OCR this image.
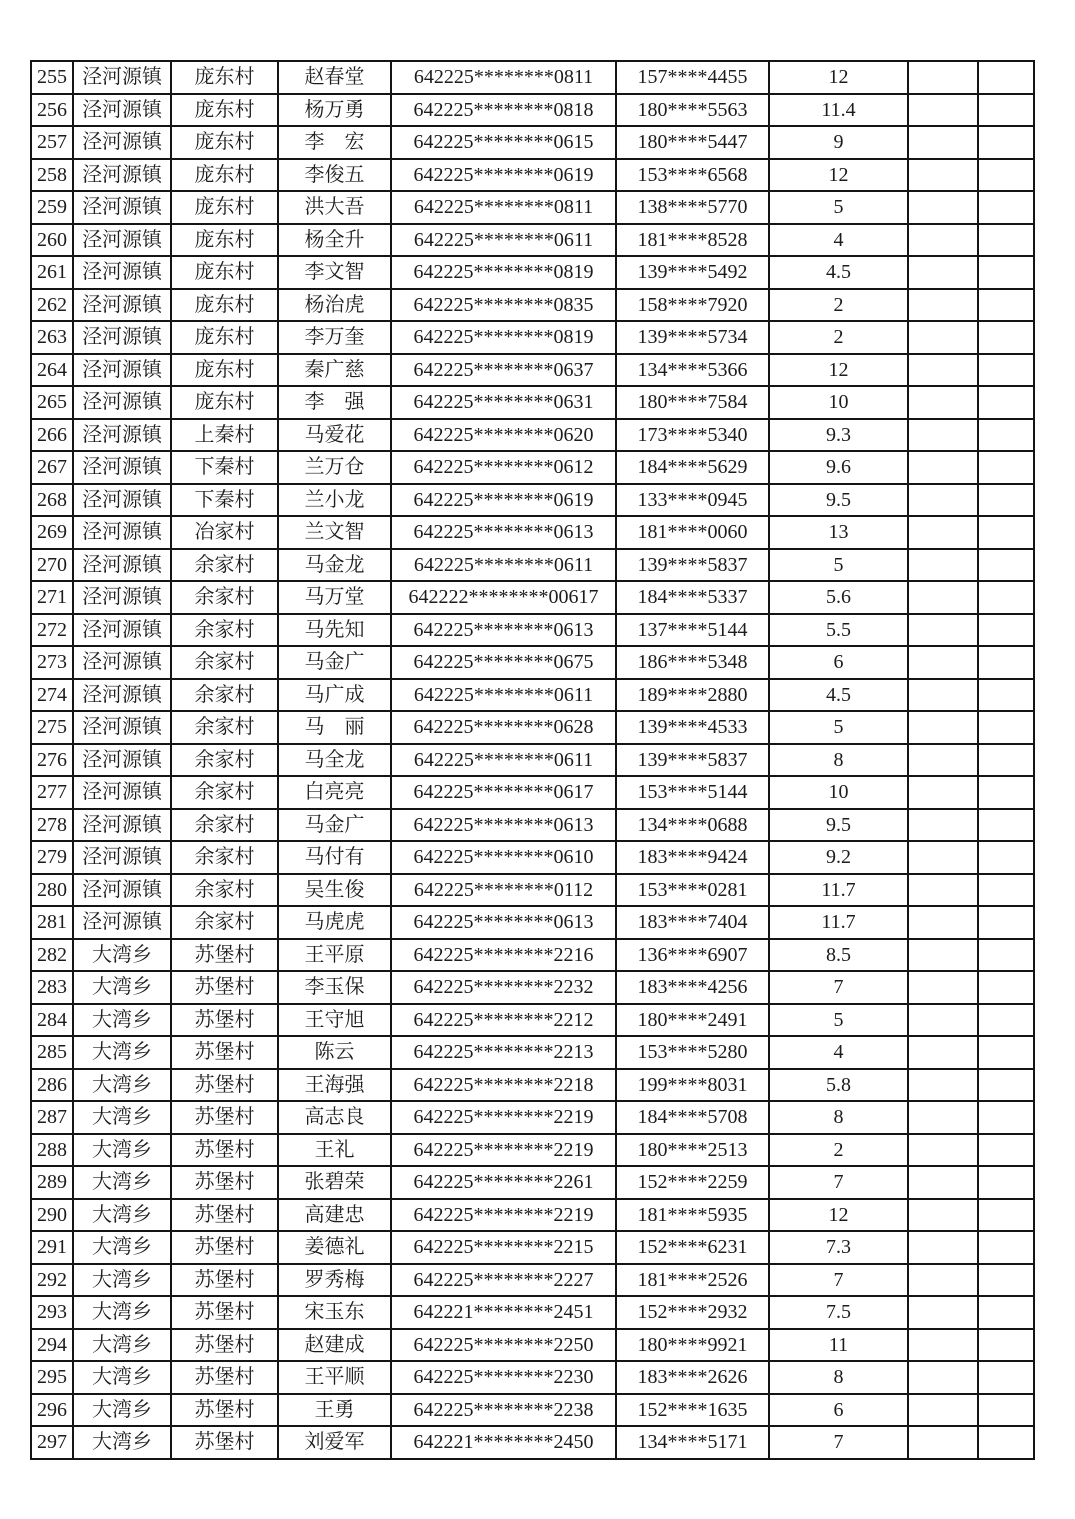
255	泾河源镇	庞东村	赵春堂	642225********0811	157****4455	12		
256	泾河源镇	庞东村	杨万勇	642225********0818	180****5563	11.4		
257	泾河源镇	庞东村	李　宏	642225********0615	180****5447	9		
258	泾河源镇	庞东村	李俊五	642225********0619	153****6568	12		
259	泾河源镇	庞东村	洪大吾	642225********0811	138****5770	5		
260	泾河源镇	庞东村	杨全升	642225********0611	181****8528	4		
261	泾河源镇	庞东村	李文智	642225********0819	139****5492	4.5		
262	泾河源镇	庞东村	杨治虎	642225********0835	158****7920	2		
263	泾河源镇	庞东村	李万奎	642225********0819	139****5734	2		
264	泾河源镇	庞东村	秦广慈	642225********0637	134****5366	12		
265	泾河源镇	庞东村	李　强	642225********0631	180****7584	10		
266	泾河源镇	上秦村	马爱花	642225********0620	173****5340	9.3		
267	泾河源镇	下秦村	兰万仓	642225********0612	184****5629	9.6		
268	泾河源镇	下秦村	兰小龙	642225********0619	133****0945	9.5		
269	泾河源镇	冶家村	兰文智	642225********0613	181****0060	13		
270	泾河源镇	余家村	马金龙	642225********0611	139****5837	5		
271	泾河源镇	余家村	马万堂	642222********00617	184****5337	5.6		
272	泾河源镇	余家村	马先知	642225********0613	137****5144	5.5		
273	泾河源镇	余家村	马金广	642225********0675	186****5348	6		
274	泾河源镇	余家村	马广成	642225********0611	189****2880	4.5		
275	泾河源镇	余家村	马　丽	642225********0628	139****4533	5		
276	泾河源镇	余家村	马全龙	642225********0611	139****5837	8		
277	泾河源镇	余家村	白亮亮	642225********0617	153****5144	10		
278	泾河源镇	余家村	马金广	642225********0613	134****0688	9.5		
279	泾河源镇	余家村	马付有	642225********0610	183****9424	9.2		
280	泾河源镇	余家村	吴生俊	642225********0112	153****0281	11.7		
281	泾河源镇	余家村	马虎虎	642225********0613	183****7404	11.7		
282	大湾乡	苏堡村	王平原	642225********2216	136****6907	8.5		
283	大湾乡	苏堡村	李玉保	642225********2232	183****4256	7		
284	大湾乡	苏堡村	王守旭	642225********2212	180****2491	5		
285	大湾乡	苏堡村	陈云	642225********2213	153****5280	4		
286	大湾乡	苏堡村	王海强	642225********2218	199****8031	5.8		
287	大湾乡	苏堡村	高志良	642225********2219	184****5708	8		
288	大湾乡	苏堡村	王礼	642225********2219	180****2513	2		
289	大湾乡	苏堡村	张碧荣	642225********2261	152****2259	7		
290	大湾乡	苏堡村	高建忠	642225********2219	181****5935	12		
291	大湾乡	苏堡村	姜德礼	642225********2215	152****6231	7.3		
292	大湾乡	苏堡村	罗秀梅	642225********2227	181****2526	7		
293	大湾乡	苏堡村	宋玉东	642221********2451	152****2932	7.5		
294	大湾乡	苏堡村	赵建成	642225********2250	180****9921	11		
295	大湾乡	苏堡村	王平顺	642225********2230	183****2626	8		
296	大湾乡	苏堡村	王勇	642225********2238	152****1635	6		
297	大湾乡	苏堡村	刘爱军	642221********2450	134****5171	7		
